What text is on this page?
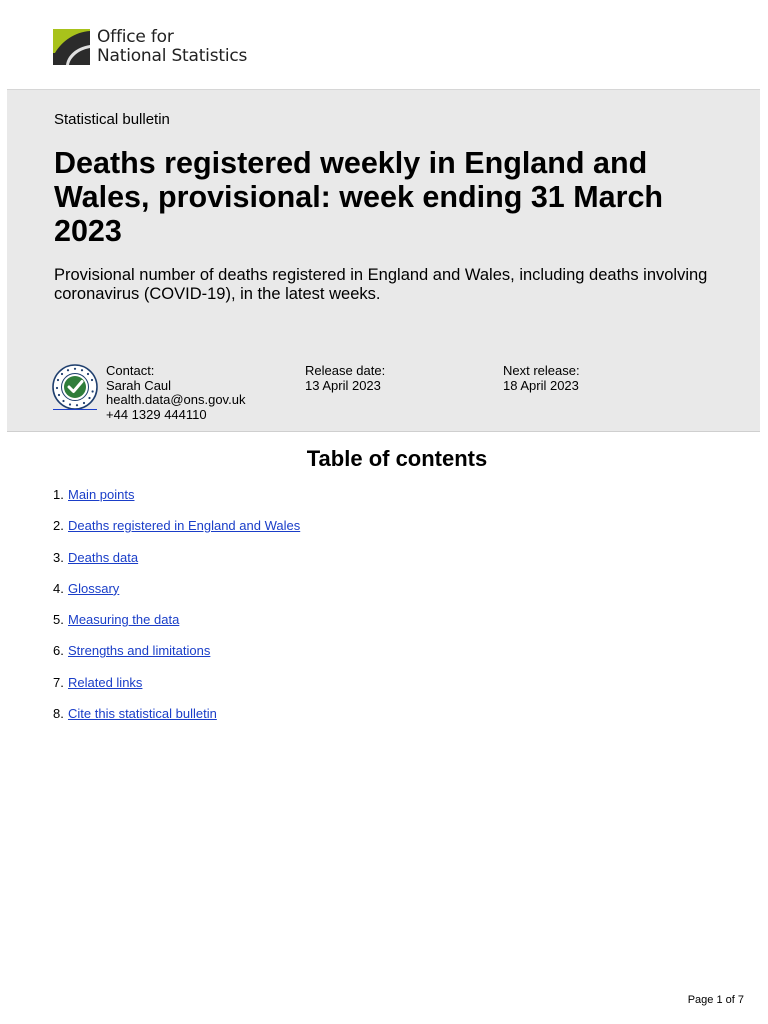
Office for
National Statistics
Statistical bulletin
Deaths registered weekly in England and Wales, provisional: week ending 31 March 2023

Provisional number of deaths registered in England and Wales, including deaths involving coronavirus (COVID-19), in the latest weeks.

Contact:
Sarah Caul
health.data@ons.gov.uk
+44 1329 444110
Release date:
13 April 2023
Next release:
18 April 2023
Table of contents
1. Main points
2. Deaths registered in England and Wales
3. Deaths data
4. Glossary
5. Measuring the data
6. Strengths and limitations
7. Related links
8. Cite this statistical bulletin
Page 1 of 7
